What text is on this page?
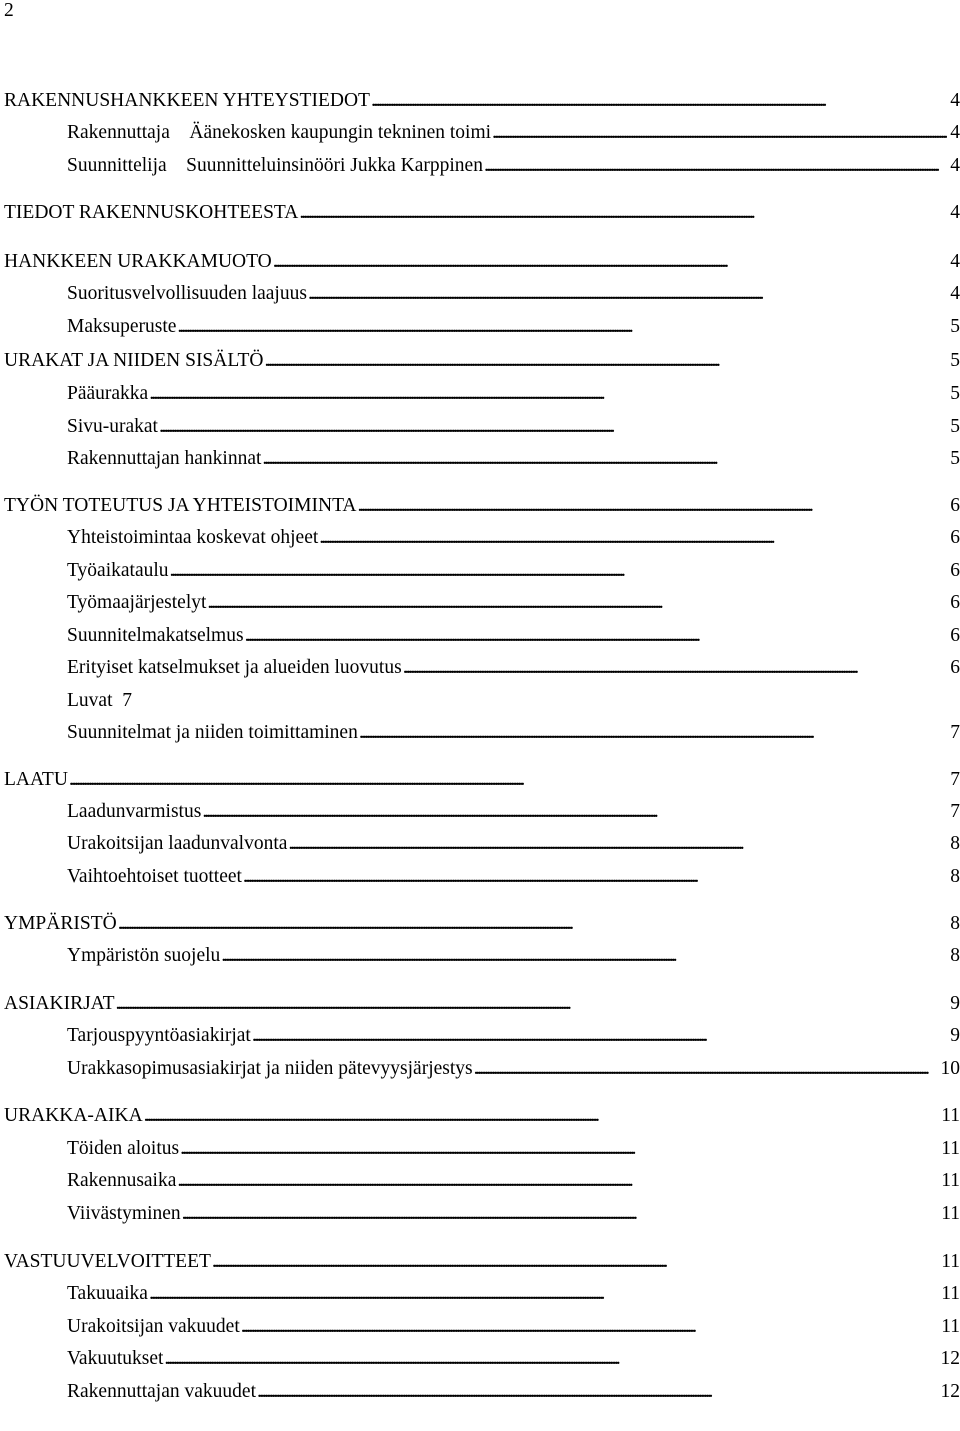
2
RAKENNUSHANKKEEN YHTEYSTIEDOT . . .	4
Rakennuttaja    Äänekosken kaupungin tekninen toimi . . .	4
Suunnittelija    Suunnitteluinsinööri Jukka Karppinen . . .	4
TIEDOT RAKENNUSKOHTEESTA . . .	4
HANKKEEN URAKKAMUOTO . . .	4
Suoritusvelvollisuuden laajuus . . .	4
Maksuperuste . . .	5
URAKAT JA NIIDEN SISÄLTÖ . . .	5
Pääurakka . . .	5
Sivu-urakat . . .	5
Rakennuttajan hankinnat . . .	5
TYÖN TOTEUTUS JA YHTEISTOIMINTA . . .	6
Yhteistoimintaa koskevat ohjeet . . .	6
Työaikataulu . . .	6
Työmaajärjestelyt . . .	6
Suunnitelmakatselmus . . .	6
Erityiset katselmukset ja alueiden luovutus . . .	6
Luvat  7
Suunnitelmat ja niiden toimittaminen . . .	7
LAATU . . .	7
Laadunvarmistus . . .	7
Urakoitsijan laadunvalvonta . . .	8
Vaihtoehtoiset tuotteet . . .	8
YMPÄRISTÖ . . .	8
Ympäristön suojelu . . .	8
ASIAKIRJAT . . .	9
Tarjouspyyntöasiakirjat . . .	9
Urakkasopimusasiakirjat ja niiden pätevyysjärjestys . . .	10
URAKKA-AIKA . . .	11
Töiden aloitus . . .	11
Rakennusaika . . .	11
Viivästyminen . . .	11
VASTUUVELVOITTEET . . .	11
Takuuaika . . .	11
Urakoitsijan vakuudet . . .	11
Vakuutukset . . .	12
Rakennuttajan vakuudet . . .	12
